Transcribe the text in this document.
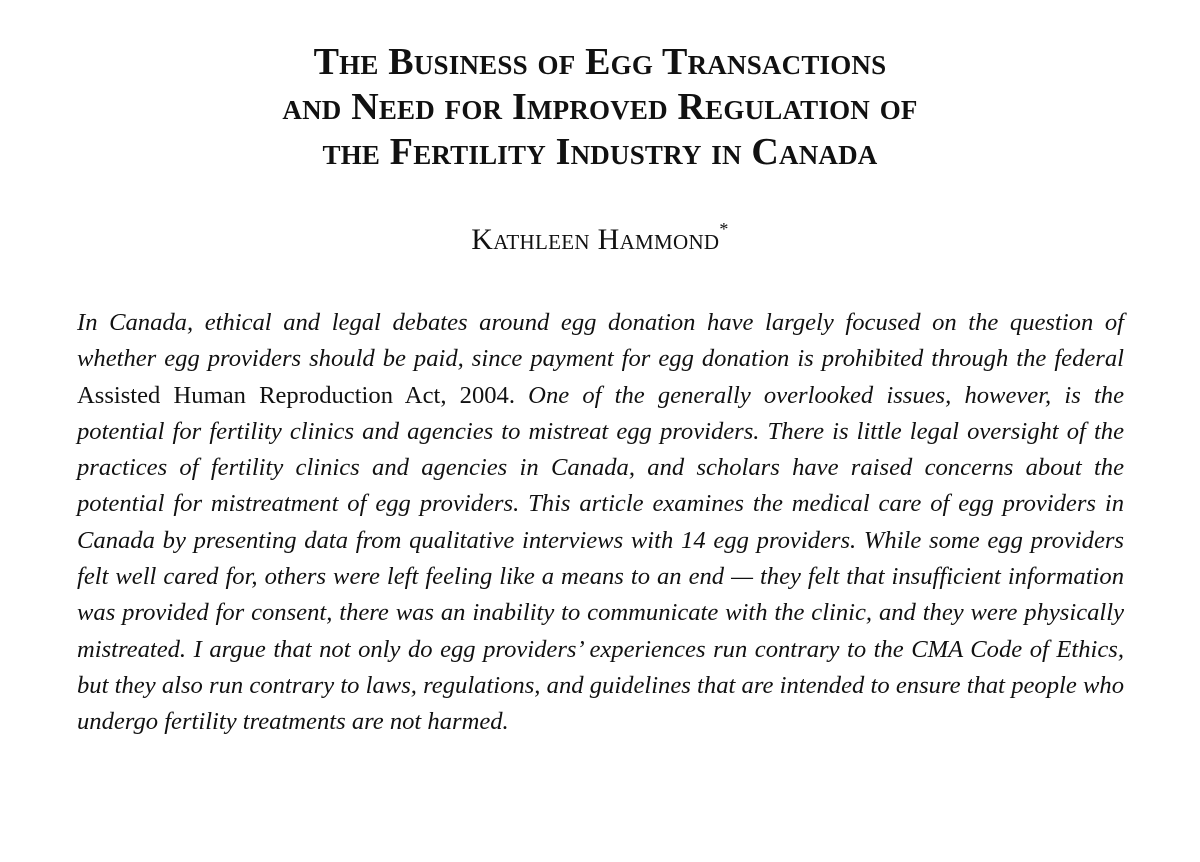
The Business of Egg Transactions
and Need for Improved Regulation of
the Fertility Industry in Canada
Kathleen Hammond*

In Canada, ethical and legal debates around egg donation have largely focused on the question of whether egg providers should be paid, since payment for egg donation is prohibited through the federal Assisted Human Reproduction Act, 2004. One of the generally overlooked issues, however, is the potential for fertility clinics and agencies to mistreat egg providers. There is little legal oversight of the practices of fertility clinics and agencies in Canada, and scholars have raised concerns about the potential for mistreatment of egg providers. This article examines the medical care of egg providers in Canada by presenting data from qualitative interviews with 14 egg providers. While some egg providers felt well cared for, others were left feeling like a means to an end — they felt that insufficient information was provided for consent, there was an inability to communicate with the clinic, and they were physically mistreated. I argue that not only do egg providers’ experiences run contrary to the CMA Code of Ethics, but they also run contrary to laws, regulations, and guidelines that are intended to ensure that people who undergo fertility treatments are not harmed.
